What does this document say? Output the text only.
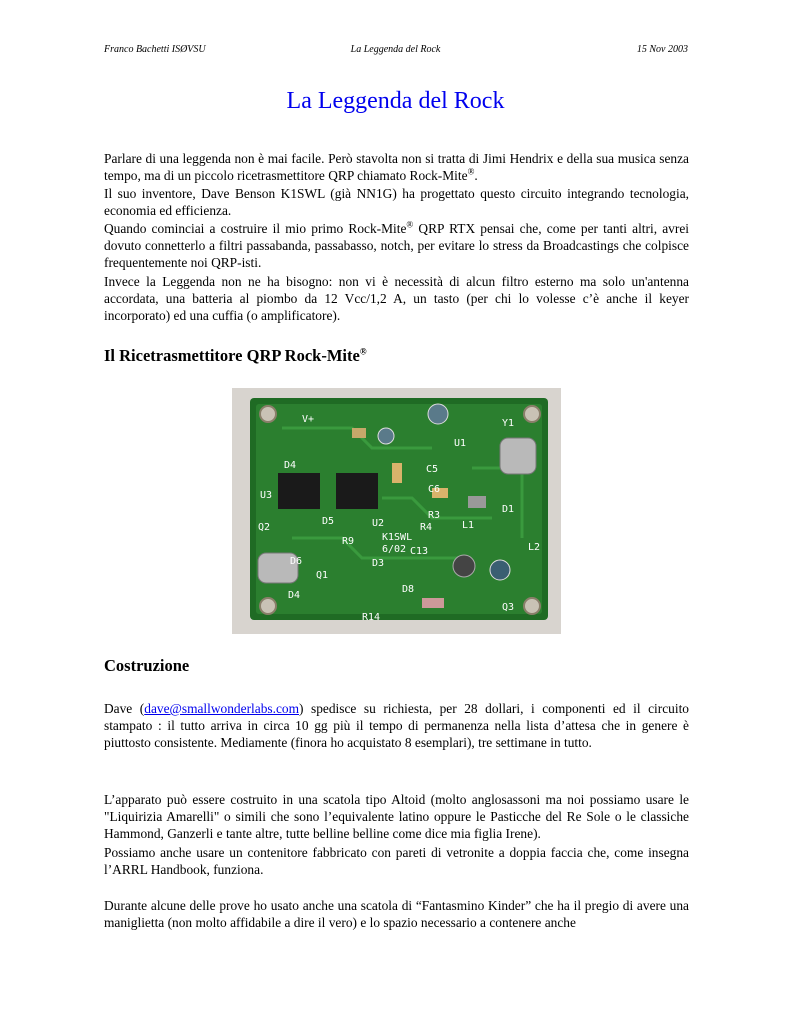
Franco Bachetti ISØVSU	La Leggenda del Rock	15 Nov 2003
La Leggenda del Rock

Parlare di una leggenda non è mai facile. Però stavolta non si tratta di Jimi Hendrix e della sua musica senza tempo, ma di un piccolo ricetrasmettitore QRP chiamato Rock-Mite®.

Il suo inventore, Dave Benson K1SWL (già NN1G) ha progettato questo circuito integrando tecnologia, economia ed efficienza.

Quando cominciai a costruire il mio primo Rock-Mite® QRP RTX pensai che, come per tanti altri, avrei dovuto connetterlo a filtri passabanda, passabasso, notch, per evitare lo stress da Broadcastings che colpisce frequentemente noi QRP-isti.

Invece la Leggenda non ne ha bisogno: non vi è necessità di alcun filtro esterno ma solo un'antenna accordata, una batteria al piombo da 12 Vcc/1,2 A, un tasto (per chi lo volesse c’è anche il keyer incorporato) ed una cuffia (o amplificatore).

Il Ricetrasmettitore QRP Rock-Mite®
V+	Y1
U1
C5
C6
D4
U3
R3
R4
D1
D5	U2	L1
R9	K1SWL
6/02 C13	L2
D6	D3
D8
Q2
Q1
R14
D4
Q3
Costruzione

Dave (dave@smallwonderlabs.com) spedisce su richiesta, per 28 dollari, i componenti ed il circuito stampato : il tutto arriva in circa 10 gg più il tempo di permanenza nella lista d’attesa che in genere è piuttosto consistente. Mediamente (finora ho acquistato 8 esemplari), tre settimane in tutto.

L’apparato può essere costruito in una scatola tipo Altoid (molto anglosassoni ma noi possiamo usare le "Liquirizia Amarelli" o simili che sono l’equivalente latino oppure le Pasticche del Re Sole o le classiche Hammond, Ganzerli e tante altre, tutte belline belline come dice mia figlia Irene).

Possiamo anche usare un contenitore fabbricato con pareti di vetronite a doppia faccia che, come insegna l’ARRL Handbook, funziona.

Durante alcune delle prove ho usato anche una scatola di “Fantasmino Kinder” che ha il pregio di avere una maniglietta (non molto affidabile a dire il vero) e lo spazio necessario a contenere anche
